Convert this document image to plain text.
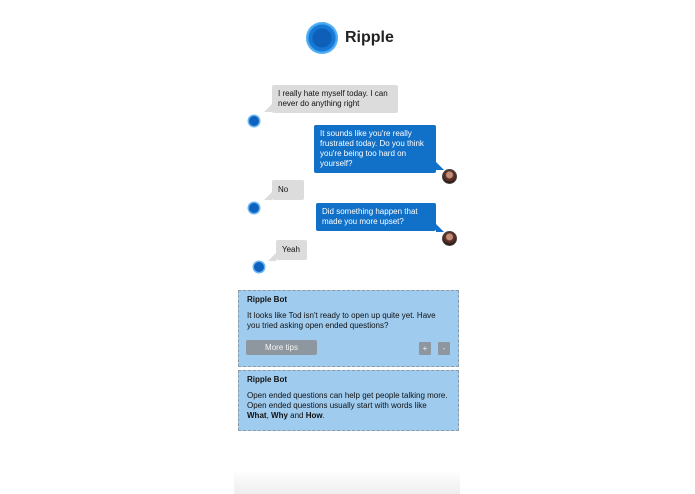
Ripple
I really hate myself today. I can never do anything right
It sounds like you're really frustrated today. Do you think you're being too hard on yourself?
No
Did something happen that made you more upset?
Yeah
Ripple Bot
It looks like Tod isn't ready to open up quite yet. Have you tried asking open ended questions?
More tips	+	-
Ripple Bot
Open ended questions can help get people talking more. Open ended questions usually start with words like What, Why and How.
